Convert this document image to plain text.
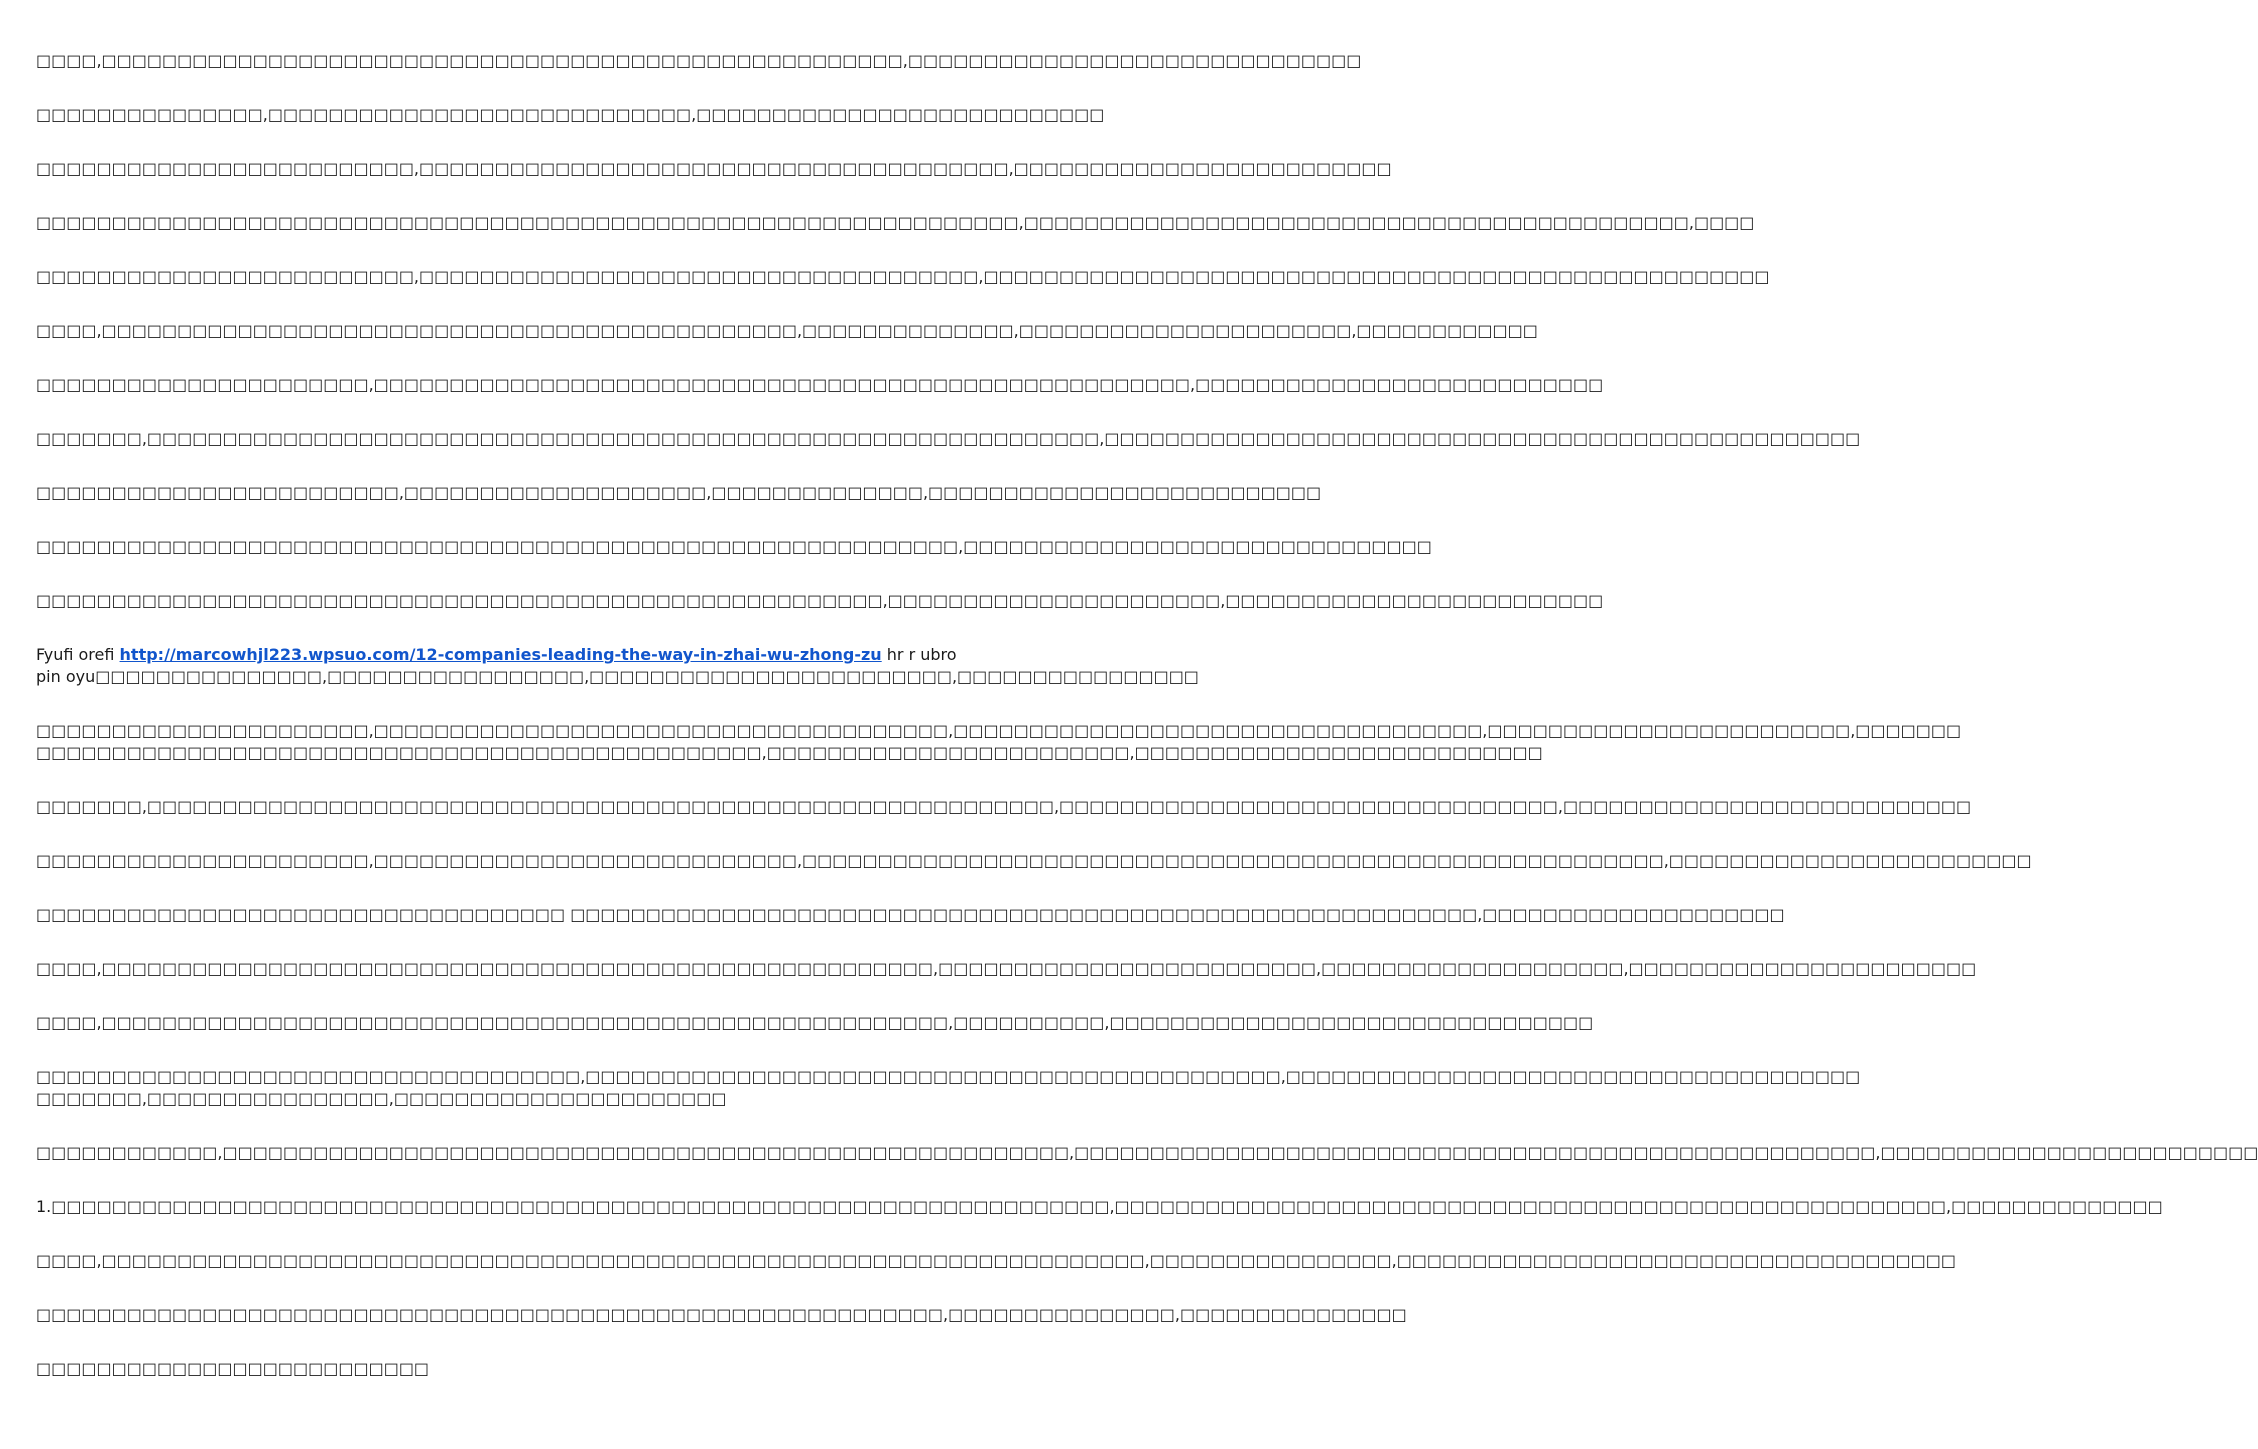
□□□□,□□□□□□□□□□□□□□□□□□□□□□□□□□□□□□□□□□□□□□□□□□□□□□□□□□□□□,□□□□□□□□□□□□□□□□□□□□□□□□□□□□□□

□□□□□□□□□□□□□□□,□□□□□□□□□□□□□□□□□□□□□□□□□□□□,□□□□□□□□□□□□□□□□□□□□□□□□□□□

□□□□□□□□□□□□□□□□□□□□□□□□□,□□□□□□□□□□□□□□□□□□□□□□□□□□□□□□□□□□□□□□□,□□□□□□□□□□□□□□□□□□□□□□□□□

□□□□□□□□□□□□□□□□□□□□□□□□□□□□□□□□□□□□□□□□□□□□□□□□□□□□□□□□□□□□□□□□□,□□□□□□□□□□□□□□□□□□□□□□□□□□□□□□□□□□□□□□□□□□□□,□□□□

□□□□□□□□□□□□□□□□□□□□□□□□□,□□□□□□□□□□□□□□□□□□□□□□□□□□□□□□□□□□□□□,□□□□□□□□□□□□□□□□□□□□□□□□□□□□□□□□□□□□□□□□□□□□□□□□□□□□

□□□□,□□□□□□□□□□□□□□□□□□□□□□□□□□□□□□□□□□□□□□□□□□□□□□,□□□□□□□□□□□□□□,□□□□□□□□□□□□□□□□□□□□□□,□□□□□□□□□□□□

□□□□□□□□□□□□□□□□□□□□□□,□□□□□□□□□□□□□□□□□□□□□□□□□□□□□□□□□□□□□□□□□□□□□□□□□□□□□□,□□□□□□□□□□□□□□□□□□□□□□□□□□□

□□□□□□□,□□□□□□□□□□□□□□□□□□□□□□□□□□□□□□□□□□□□□□□□□□□□□□□□□□□□□□□□□□□□□□□,□□□□□□□□□□□□□□□□□□□□□□□□□□□□□□□□□□□□□□□□□□□□□□□□□□

□□□□□□□□□□□□□□□□□□□□□□□□,□□□□□□□□□□□□□□□□□□□□,□□□□□□□□□□□□□□,□□□□□□□□□□□□□□□□□□□□□□□□□□

□□□□□□□□□□□□□□□□□□□□□□□□□□□□□□□□□□□□□□□□□□□□□□□□□□□□□□□□□□□□□,□□□□□□□□□□□□□□□□□□□□□□□□□□□□□□□

□□□□□□□□□□□□□□□□□□□□□□□□□□□□□□□□□□□□□□□□□□□□□□□□□□□□□□□□,□□□□□□□□□□□□□□□□□□□□□□,□□□□□□□□□□□□□□□□□□□□□□□□□

Fyufi orefi http://marcowhjl223.wpsuo.com/12-companies-leading-the-way-in-zhai-wu-zhong-zu hr r ubro
pin oyu□□□□□□□□□□□□□□□,□□□□□□□□□□□□□□□□□,□□□□□□□□□□□□□□□□□□□□□□□□,□□□□□□□□□□□□□□□□

□□□□□□□□□□□□□□□□□□□□□□,□□□□□□□□□□□□□□□□□□□□□□□□□□□□□□□□□□□□□□,□□□□□□□□□□□□□□□□□□□□□□□□□□□□□□□□□□□,□□□□□□□□□□□□□□□□□□□□□□□□,□□□□□□□
□□□□□□□□□□□□□□□□□□□□□□□□□□□□□□□□□□□□□□□□□□□□□□□□,□□□□□□□□□□□□□□□□□□□□□□□□,□□□□□□□□□□□□□□□□□□□□□□□□□□□

□□□□□□□,□□□□□□□□□□□□□□□□□□□□□□□□□□□□□□□□□□□□□□□□□□□□□□□□□□□□□□□□□□□□,□□□□□□□□□□□□□□□□□□□□□□□□□□□□□□□□□,□□□□□□□□□□□□□□□□□□□□□□□□□□□

□□□□□□□□□□□□□□□□□□□□□□,□□□□□□□□□□□□□□□□□□□□□□□□□□□□,□□□□□□□□□□□□□□□□□□□□□□□□□□□□□□□□□□□□□□□□□□□□□□□□□□□□□□□□□,□□□□□□□□□□□□□□□□□□□□□□□□

□□□□□□□□□□□□□□□□□□□□□□□□□□□□□□□□□□□ □□□□□□□□□□□□□□□□□□□□□□□□□□□□□□□□□□□□□□□□□□□□□□□□□□□□□□□□□□□□,□□□□□□□□□□□□□□□□□□□□

□□□□,□□□□□□□□□□□□□□□□□□□□□□□□□□□□□□□□□□□□□□□□□□□□□□□□□□□□□□□,□□□□□□□□□□□□□□□□□□□□□□□□□,□□□□□□□□□□□□□□□□□□□□,□□□□□□□□□□□□□□□□□□□□□□□

□□□□,□□□□□□□□□□□□□□□□□□□□□□□□□□□□□□□□□□□□□□□□□□□□□□□□□□□□□□□□,□□□□□□□□□□,□□□□□□□□□□□□□□□□□□□□□□□□□□□□□□□□

□□□□□□□□□□□□□□□□□□□□□□□□□□□□□□□□□□□□,□□□□□□□□□□□□□□□□□□□□□□□□□□□□□□□□□□□□□□□□□□□□□□,□□□□□□□□□□□□□□□□□□□□□□□□□□□□□□□□□□□□□□
□□□□□□□,□□□□□□□□□□□□□□□□,□□□□□□□□□□□□□□□□□□□□□□

□□□□□□□□□□□□,□□□□□□□□□□□□□□□□□□□□□□□□□□□□□□□□□□□□□□□□□□□□□□□□□□□□□□□□,□□□□□□□□□□□□□□□□□□□□□□□□□□□□□□□□□□□□□□□□□□□□□□□□□□□□□,□□□□□□□□□□□□□□□□□□□□□□□□□

1.□□□□□□□□□□□□□□□□□□□□□□□□□□□□□□□□□□□□□□□□□□□□□□□□□□□□□□□□□□□□□□□□□□□□□□,□□□□□□□□□□□□□□□□□□□□□□□□□□□□□□□□□□□□□□□□□□□□□□□□□□□□□□□,□□□□□□□□□□□□□□

□□□□,□□□□□□□□□□□□□□□□□□□□□□□□□□□□□□□□□□□□□□□□□□□□□□□□□□□□□□□□□□□□□□□□□□□□□,□□□□□□□□□□□□□□□□,□□□□□□□□□□□□□□□□□□□□□□□□□□□□□□□□□□□□□

□□□□□□□□□□□□□□□□□□□□□□□□□□□□□□□□□□□□□□□□□□□□□□□□□□□□□□□□□□□□,□□□□□□□□□□□□□□□,□□□□□□□□□□□□□□□

□□□□□□□□□□□□□□□□□□□□□□□□□□
